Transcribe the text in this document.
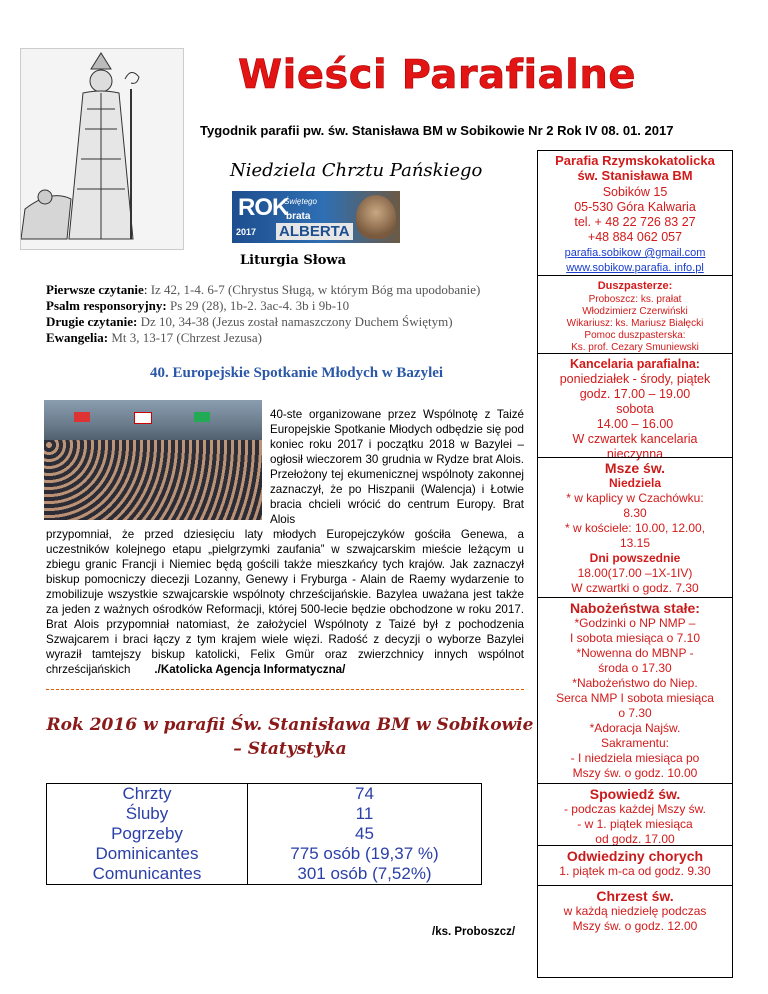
Wieści Parafialne
Tygodnik parafii pw. św. Stanisława BM w Sobikowie Nr 2 Rok IV 08. 01. 2017
Niedziela Chrztu Pańskiego
ROK
Świętego
brata
ALBERTA
2017
Liturgia Słowa
Pierwsze czytanie: Iz 42, 1-4. 6-7 (Chrystus Sługą, w którym Bóg ma upodobanie)
Psalm responsoryjny: Ps 29 (28), 1b-2. 3ac-4. 3b i 9b-10
Drugie czytanie: Dz 10, 34-38 (Jezus został namaszczony Duchem Świętym)
Ewangelia: Mt 3, 13-17 (Chrzest Jezusa)
40. Europejskie Spotkanie Młodych w Bazylei
40-ste organizowane przez Wspólnotę z Taizé Europejskie Spotkanie Młodych odbędzie się pod koniec roku 2017 i początku 2018 w Bazylei – ogłosił wieczorem 30 grudnia w Rydze brat Alois. Przełożony tej ekumenicznej wspólnoty zakonnej zaznaczył, że po Hiszpanii (Walencja) i Łotwie bracia chcieli wrócić do centrum Europy. Brat Alois
przypomniał, że przed dziesięciu laty młodych Europejczyków gościła Genewa, a uczestników kolejnego etapu „pielgrzymki zaufania” w szwajcarskim mieście leżącym u zbiegu granic Francji i Niemiec będą gościli także mieszkańcy tych krajów. Jak zaznaczył biskup pomocniczy diecezji Lozanny, Genewy i Fryburga - Alain de Raemy wydarzenie to zmobilizuje wszystkie szwajcarskie wspólnoty chrześcijańskie. Bazylea uważana jest także za jeden z ważnych ośrodków Reformacji, której 500-lecie będzie obchodzone w roku 2017. Brat Alois przypomniał natomiast, że założyciel Wspólnoty z Taizé był z pochodzenia Szwajcarem i braci łączy z tym krajem wiele więzi. Radość z decyzji o wyborze Bazylei wyraził tamtejszy biskup katolicki, Felix Gmür oraz zwierzchnicy innych wspólnot chrześcijańskich ./Katolicka Agencja Informatyczna/
Rok 2016 w parafii Św. Stanisława BM w Sobikowie – Statystyka
Chrzty	74
Śluby	11
Pogrzeby	45
Dominicantes	775 osób (19,37 %)
Comunicantes	301 osób (7,52%)
/ks. Proboszcz/
Parafia Rzymskokatolicka
św. Stanisława BM
Sobików 15
05-530 Góra Kalwaria
tel. + 48 22 726 83 27
+48 884 062 057
parafia.sobikow @gmail.com
www.sobikow.parafia. info.pl
Duszpasterze:
Proboszcz: ks. prałat
Włodzimierz Czerwiński
Wikariusz: ks. Mariusz Białęcki
Pomoc duszpasterska:
Ks. prof. Cezary Smuniewski
Kancelaria parafialna:
poniedziałek - środy, piątek
godz. 17.00 – 19.00
sobota
14.00 – 16.00
W czwartek kancelaria
nieczynna
Msze św.
Niedziela
* w kaplicy w Czachówku:
8.30
* w kościele: 10.00, 12.00,
13.15
Dni powszednie
18.00(17.00 –1X-1IV)
W czwartki o godz. 7.30
Nabożeństwa stałe:
*Godzinki o NP NMP –
I sobota miesiąca o 7.10
*Nowenna do MBNP -
środa o 17.30
*Nabożeństwo do Niep.
Serca NMP I sobota miesiąca
o 7.30
*Adoracja Najśw.
Sakramentu:
- I niedziela miesiąca po
Mszy św. o godz. 10.00
Spowiedź św.
- podczas każdej Mszy św.
- w 1. piątek miesiąca
od godz. 17.00
Odwiedziny chorych
1. piątek m-ca od godz. 9.30
Chrzest św.
w każdą niedzielę podczas
Mszy św. o godz. 12.00
